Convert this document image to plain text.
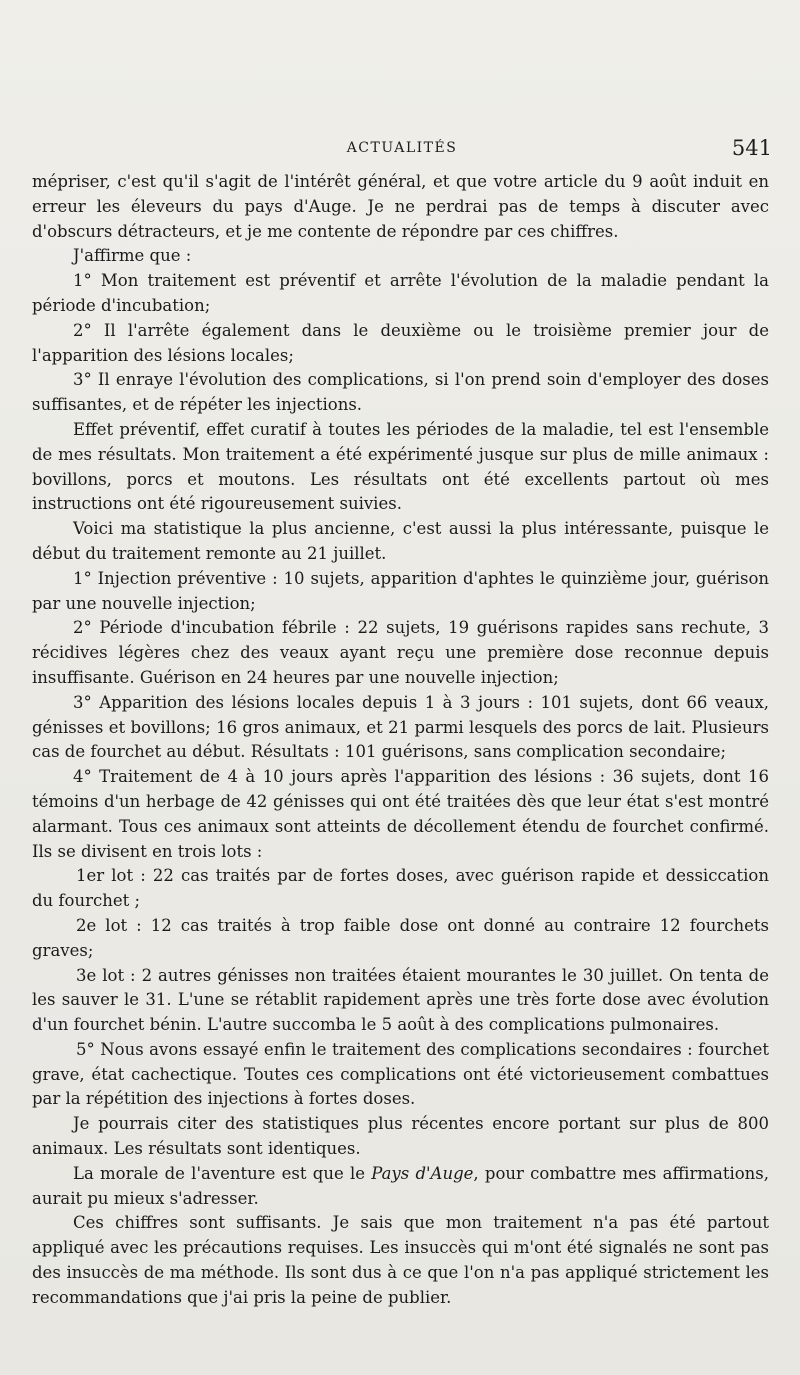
ACTUALITÉS	541

mépriser, c'est qu'il s'agit de l'intérêt général, et que votre article du 9 août induit en erreur les éleveurs du pays d'Auge. Je ne perdrai pas de temps à discuter avec d'obscurs détracteurs, et je me contente de répondre par ces chiffres.

J'affirme que :

1° Mon traitement est préventif et arrête l'évolution de la maladie pendant la période d'incubation;

2° Il l'arrête également dans le deuxième ou le troisième premier jour de l'apparition des lésions locales;

3° Il enraye l'évolution des complications, si l'on prend soin d'employer des doses suffisantes, et de répéter les injections.

Effet préventif, effet curatif à toutes les périodes de la maladie, tel est l'ensemble de mes résultats. Mon traitement a été expérimenté jusque sur plus de mille animaux : bovillons, porcs et moutons. Les résultats ont été excellents partout où mes instructions ont été rigoureusement suivies.

Voici ma statistique la plus ancienne, c'est aussi la plus intéressante, puisque le début du traitement remonte au 21 juillet.

1° Injection préventive : 10 sujets, apparition d'aphtes le quinzième jour, guérison par une nouvelle injection;

2° Période d'incubation fébrile : 22 sujets, 19 guérisons rapides sans rechute, 3 récidives légères chez des veaux ayant reçu une première dose reconnue depuis insuffisante. Guérison en 24 heures par une nouvelle injection;

3° Apparition des lésions locales depuis 1 à 3 jours : 101 sujets, dont 66 veaux, génisses et bovillons; 16 gros animaux, et 21 parmi lesquels des porcs de lait. Plusieurs cas de fourchet au début. Résultats : 101 guérisons, sans complication secondaire;

4° Traitement de 4 à 10 jours après l'apparition des lésions : 36 sujets, dont 16 témoins d'un herbage de 42 génisses qui ont été traitées dès que leur état s'est montré alarmant. Tous ces animaux sont atteints de décollement étendu de fourchet confirmé. Ils se divisent en trois lots :

1er lot : 22 cas traités par de fortes doses, avec guérison rapide et dessiccation du fourchet ;

2e lot : 12 cas traités à trop faible dose ont donné au contraire 12 fourchets graves;

3e lot : 2 autres génisses non traitées étaient mourantes le 30 juillet. On tenta de les sauver le 31. L'une se rétablit rapidement après une très forte dose avec évolution d'un fourchet bénin. L'autre succomba le 5 août à des complications pulmonaires.

5° Nous avons essayé enfin le traitement des complications secondaires : fourchet grave, état cachectique. Toutes ces complications ont été victorieusement combattues par la répétition des injections à fortes doses.

Je pourrais citer des statistiques plus récentes encore portant sur plus de 800 animaux. Les résultats sont identiques.

La morale de l'aventure est que le Pays d'Auge, pour combattre mes affirmations, aurait pu mieux s'adresser.

Ces chiffres sont suffisants. Je sais que mon traitement n'a pas été partout appliqué avec les précautions requises. Les insuccès qui m'ont été signalés ne sont pas des insuccès de ma méthode. Ils sont dus à ce que l'on n'a pas appliqué strictement les recommandations que j'ai pris la peine de publier.
